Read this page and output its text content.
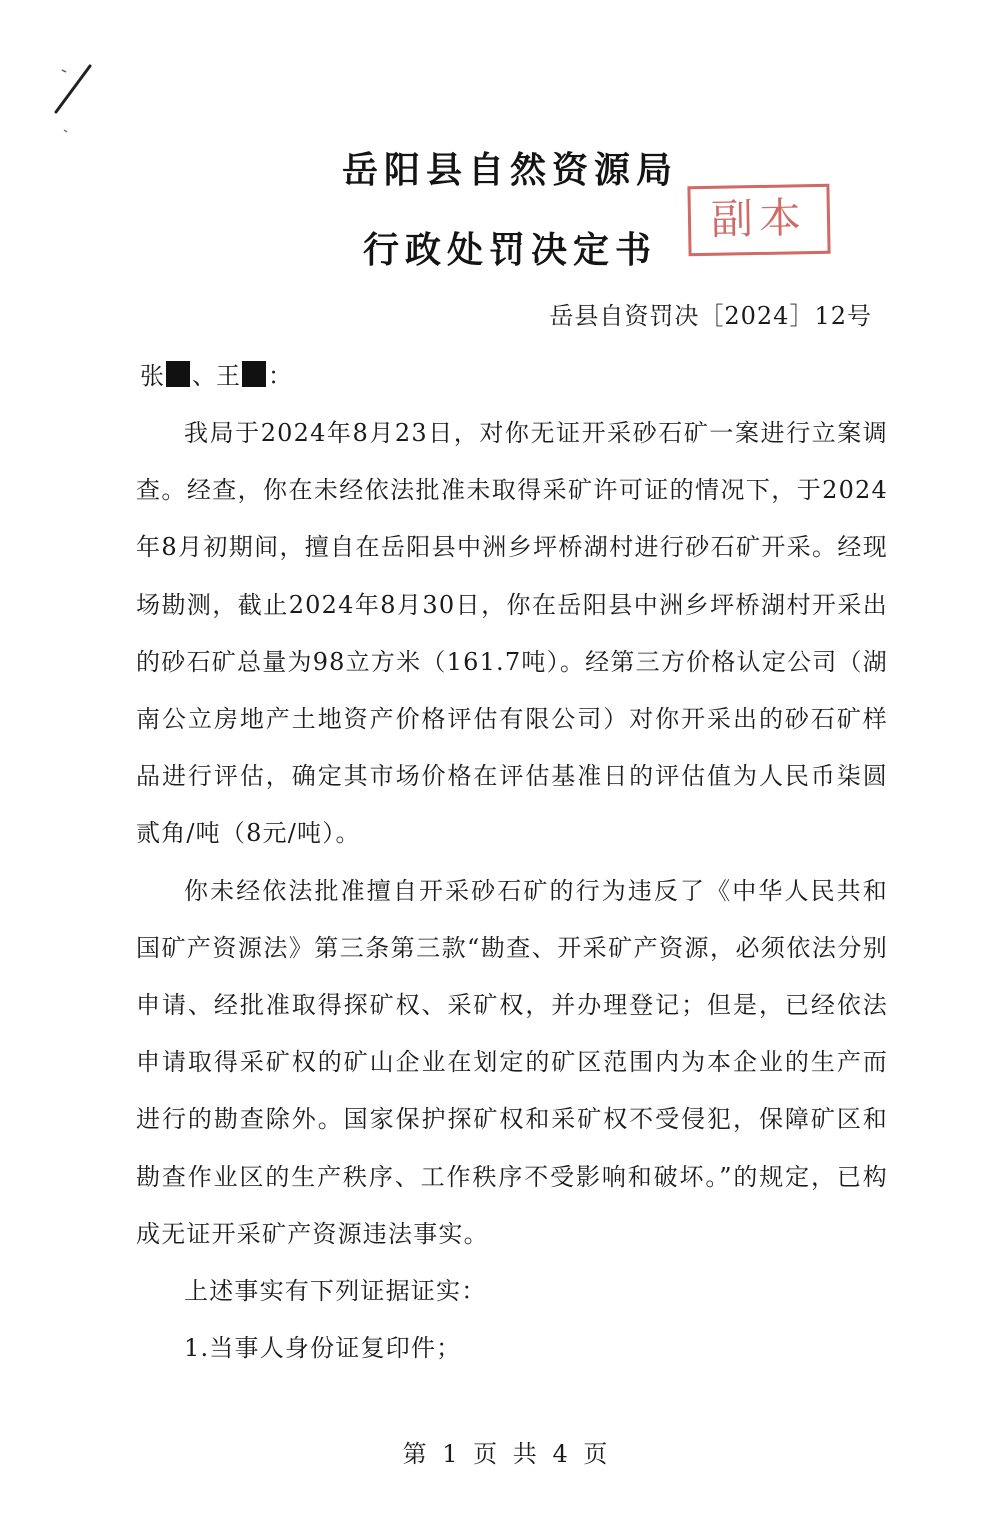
岳阳县自然资源局
行政处罚决定书
副本
岳县自资罚决［2024］12号
张 、 王 ：

我局于2024年8月23日，对你无证开采砂石矿一案进行立案调查。经查，你在未经依法批准未取得采矿许可证的情况下，于2024年8月初期间，擅自在岳阳县中洲乡坪桥湖村进行砂石矿开采。经现场勘测，截止2024年8月30日，你在岳阳县中洲乡坪桥湖村开采出的砂石矿总量为98立方米（161.7吨）。经第三方价格认定公司（湖南公立房地产土地资产价格评估有限公司）对你开采出的砂石矿样品进行评估，确定其市场价格在评估基准日的评估值为人民币柒圆贰角/吨（8元/吨）。

你未经依法批准擅自开采砂石矿的行为违反了《中华人民共和国矿产资源法》第三条第三款“勘查、开采矿产资源，必须依法分别申请、经批准取得探矿权、采矿权，并办理登记；但是，已经依法申请取得采矿权的矿山企业在划定的矿区范围内为本企业的生产而进行的勘查除外。国家保护探矿权和采矿权不受侵犯，保障矿区和勘查作业区的生产秩序、工作秩序不受影响和破坏。”的规定，已构成无证开采矿产资源违法事实。

上述事实有下列证据证实：

1.当事人身份证复印件；

第 1 页 共 4 页
